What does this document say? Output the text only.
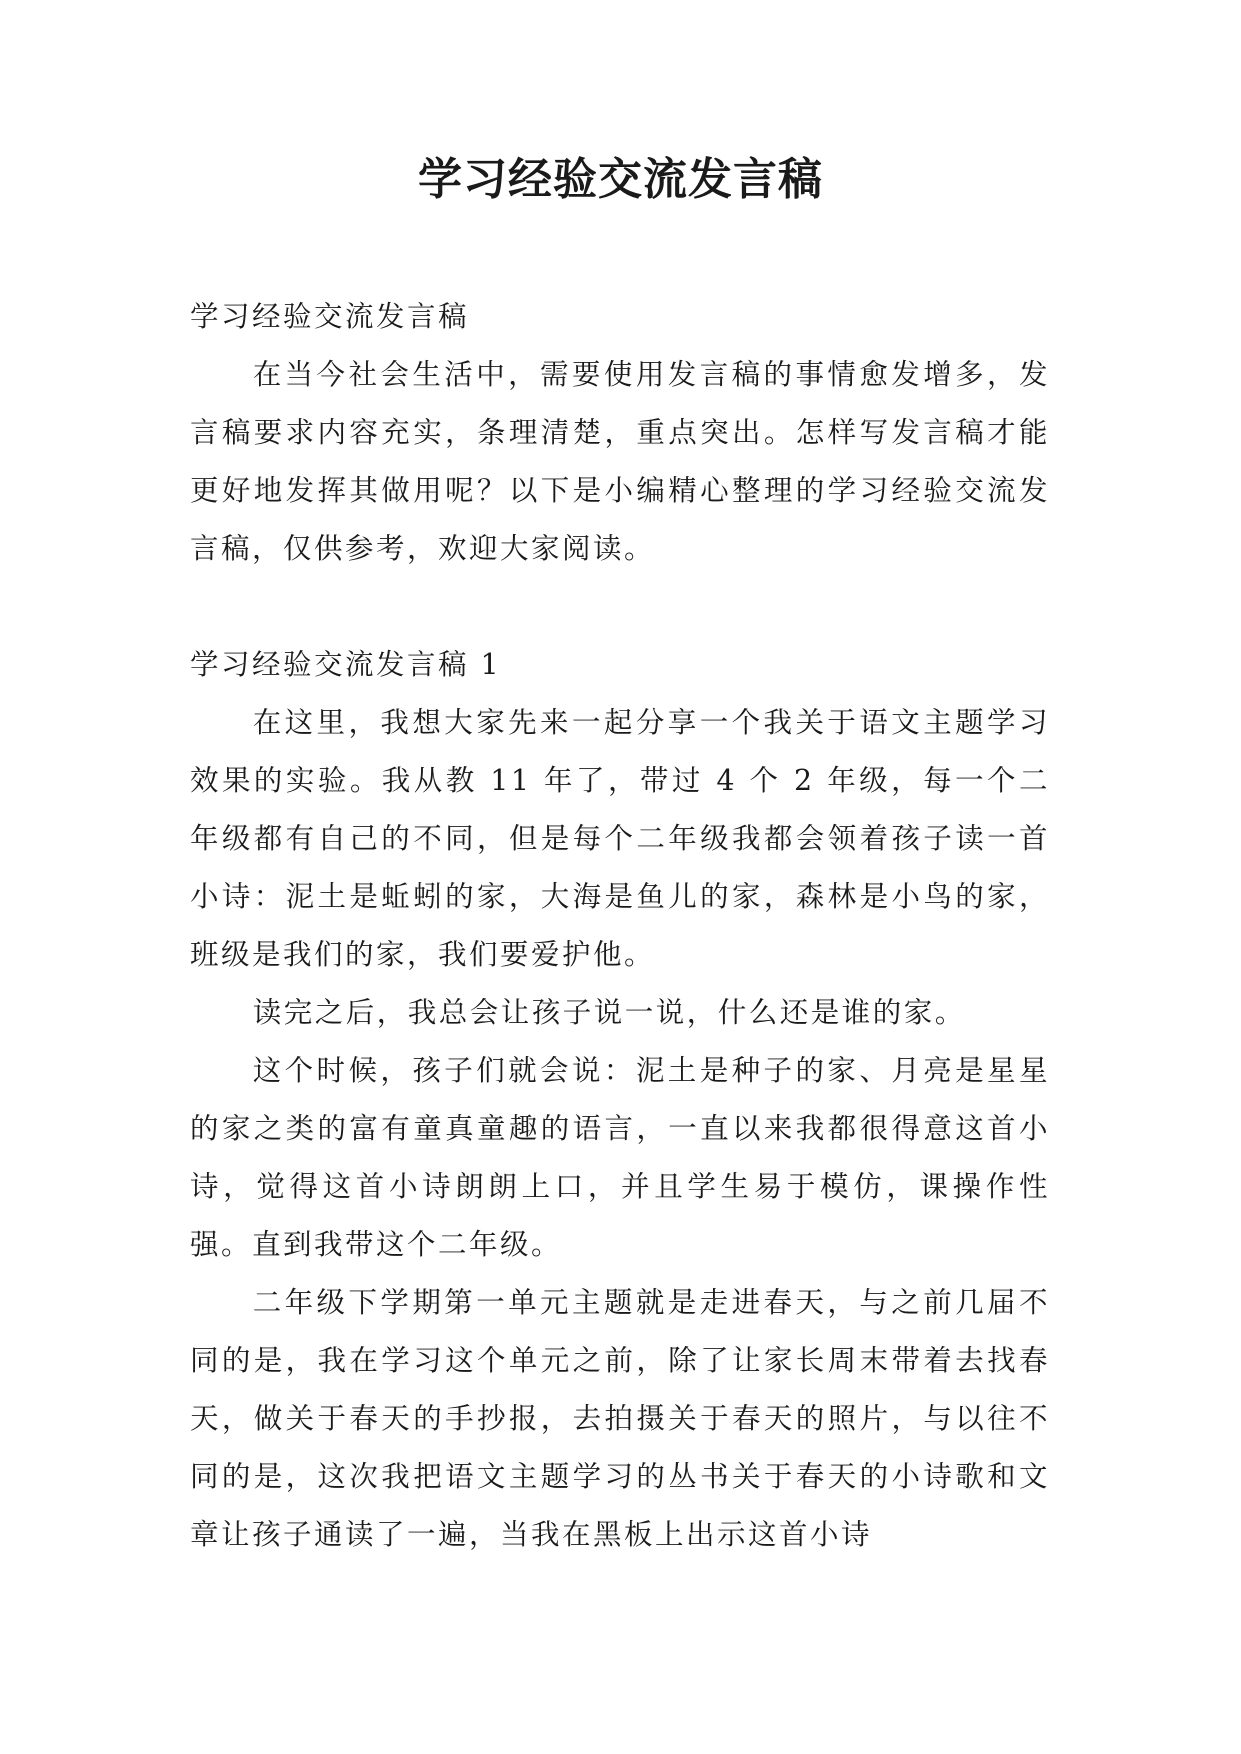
学习经验交流发言稿

学习经验交流发言稿

在当今社会生活中，需要使用发言稿的事情愈发增多，发言稿要求内容充实，条理清楚，重点突出。怎样写发言稿才能更好地发挥其做用呢？以下是小编精心整理的学习经验交流发言稿，仅供参考，欢迎大家阅读。

学习经验交流发言稿 1

在这里，我想大家先来一起分享一个我关于语文主题学习效果的实验。我从教 11 年了，带过 4 个 2 年级，每一个二年级都有自己的不同，但是每个二年级我都会领着孩子读一首小诗：泥土是蚯蚓的家，大海是鱼儿的家，森林是小鸟的家，班级是我们的家，我们要爱护他。

读完之后，我总会让孩子说一说，什么还是谁的家。

这个时候，孩子们就会说：泥土是种子的家、月亮是星星的家之类的富有童真童趣的语言，一直以来我都很得意这首小诗，觉得这首小诗朗朗上口，并且学生易于模仿，课操作性强。直到我带这个二年级。

二年级下学期第一单元主题就是走进春天，与之前几届不同的是，我在学习这个单元之前，除了让家长周末带着去找春天，做关于春天的手抄报，去拍摄关于春天的照片，与以往不同的是，这次我把语文主题学习的丛书关于春天的小诗歌和文章让孩子通读了一遍，当我在黑板上出示这首小诗
